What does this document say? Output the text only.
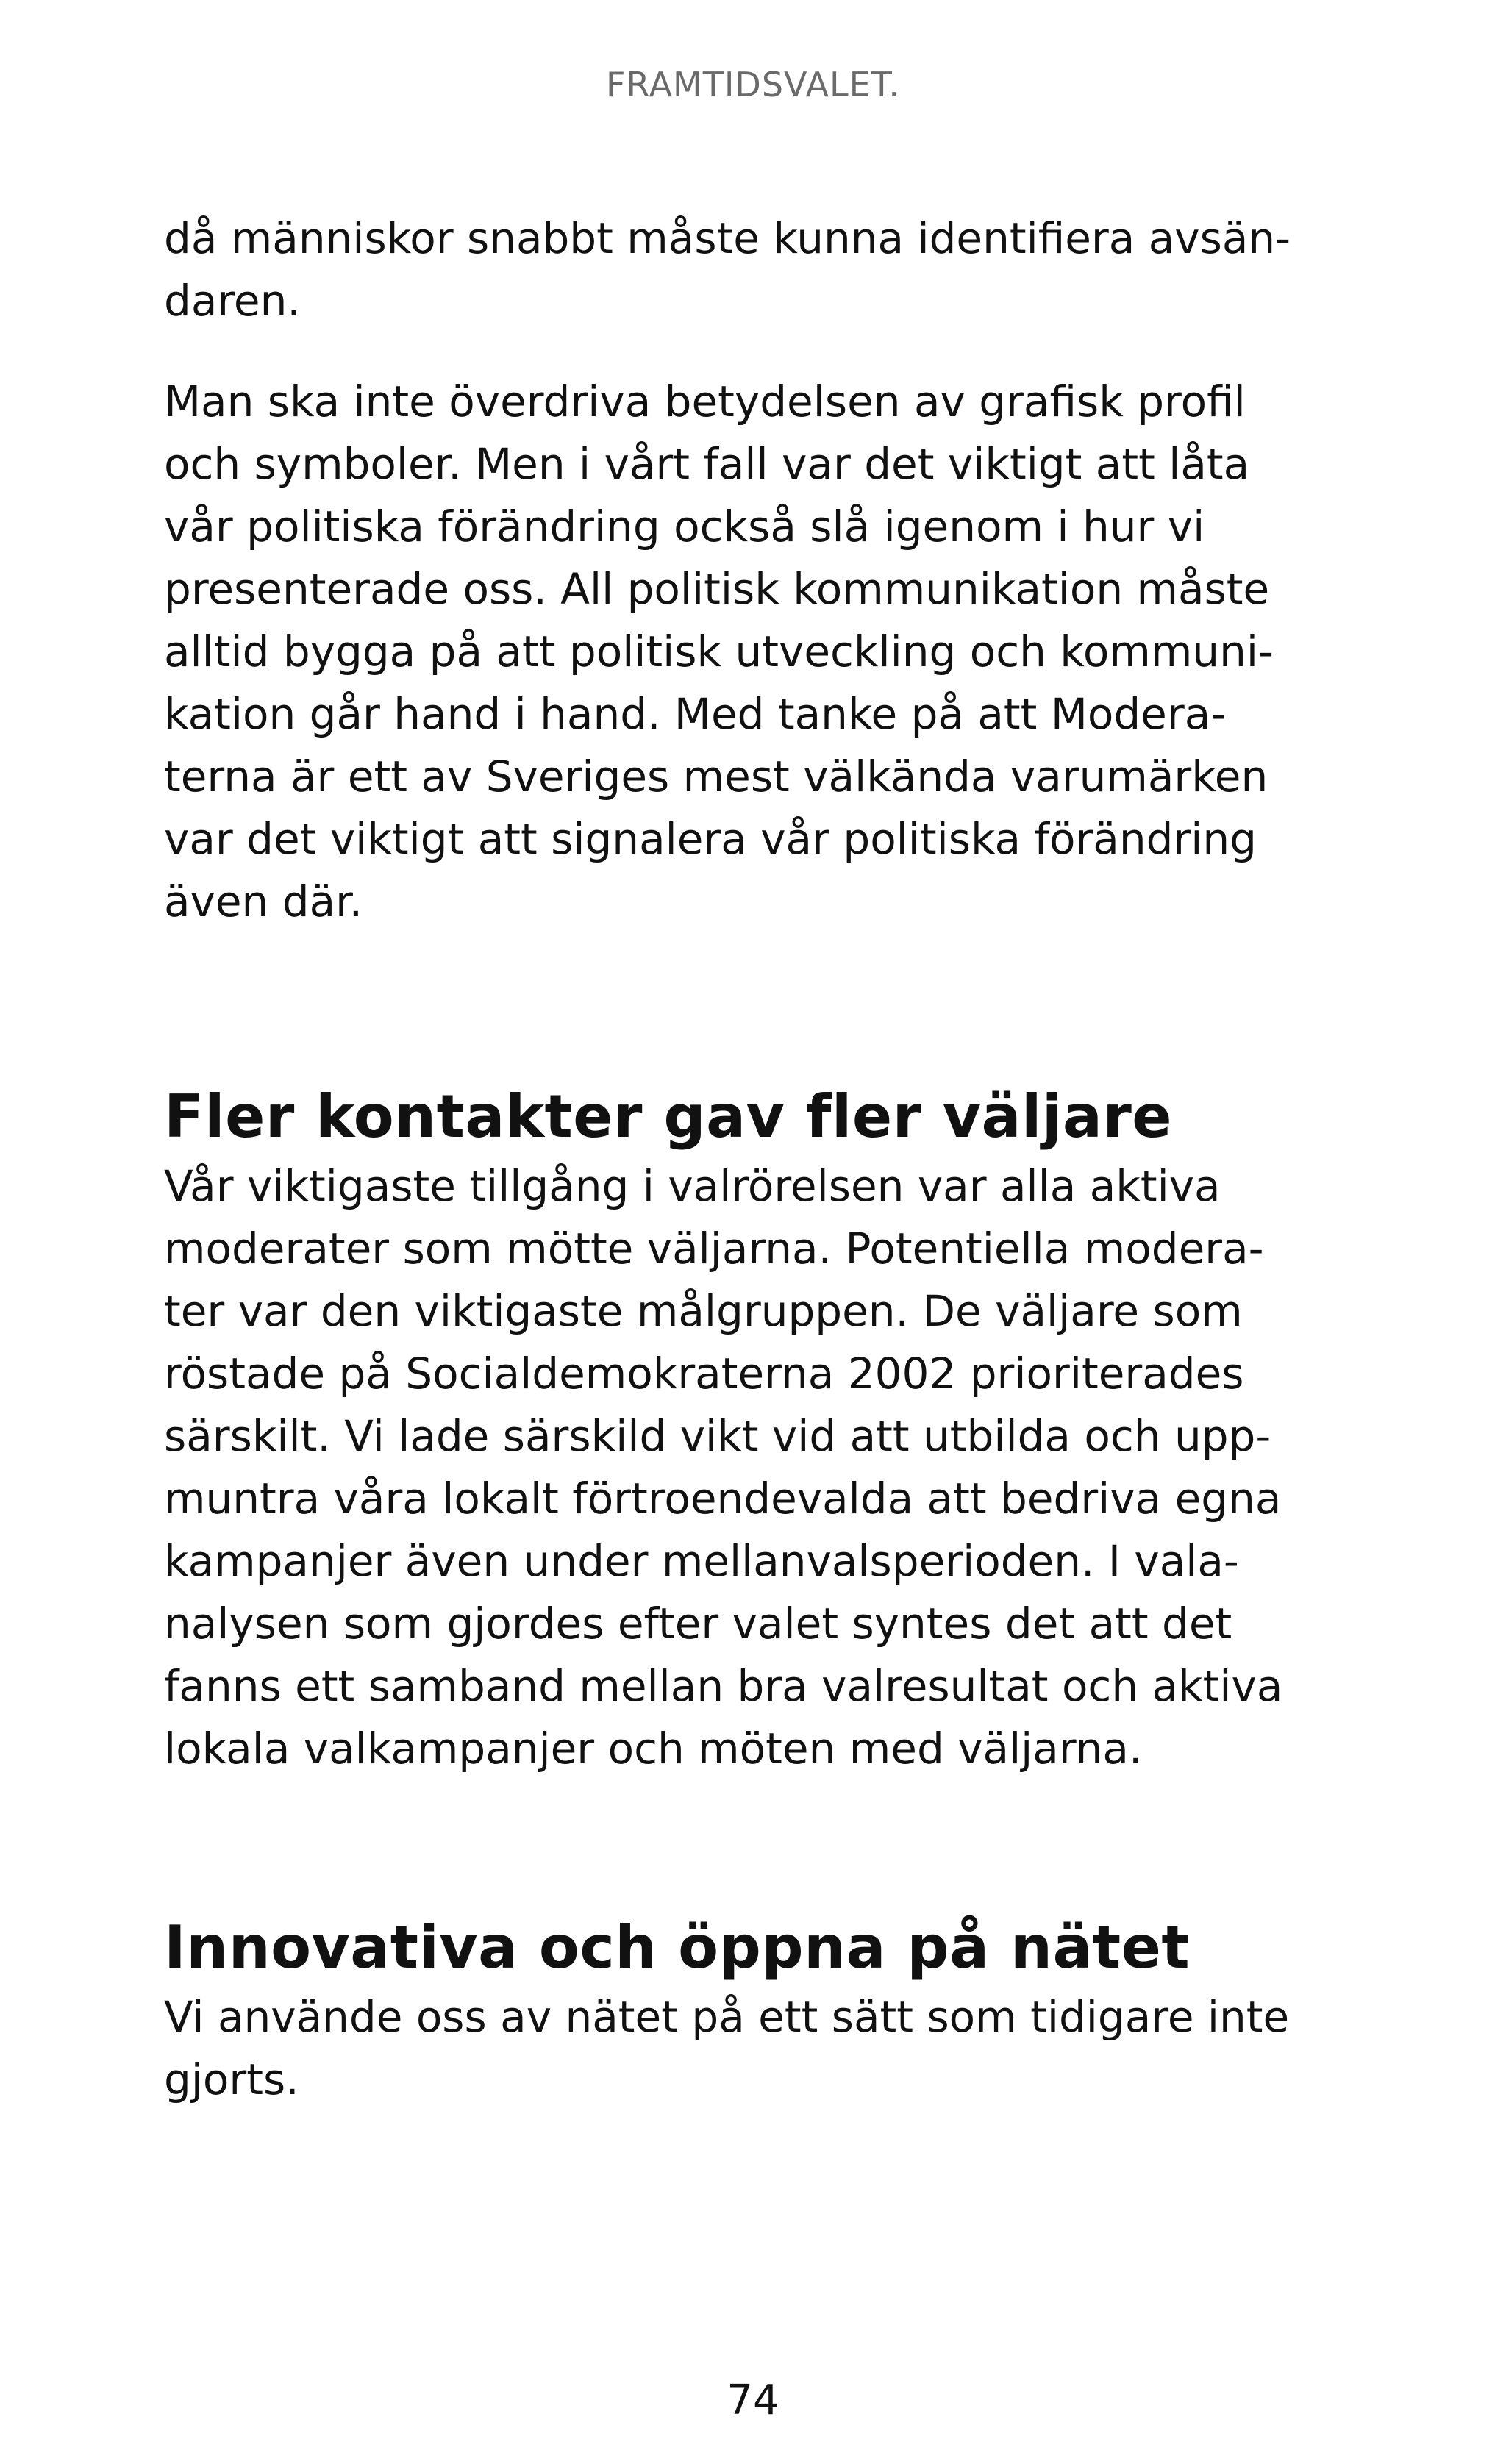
FRAMTIDSVALET.

då människor snabbt måste kunna identifiera avsän-
daren.

Man ska inte överdriva betydelsen av grafisk profil
och symboler. Men i vårt fall var det viktigt att låta
vår politiska förändring också slå igenom i hur vi
presenterade oss. All politisk kommunikation måste
alltid bygga på att politisk utveckling och kommuni-
kation går hand i hand. Med tanke på att Modera-
terna är ett av Sveriges mest välkända varumärken
var det viktigt att signalera vår politiska förändring
även där.

Fler kontakter gav fler väljare

Vår viktigaste tillgång i valrörelsen var alla aktiva
moderater som mötte väljarna. Potentiella modera-
ter var den viktigaste målgruppen. De väljare som
röstade på Socialdemokraterna 2002 prioriterades
särskilt. Vi lade särskild vikt vid att utbilda och upp-
muntra våra lokalt förtroendevalda att bedriva egna
kampanjer även under mellanvalsperioden. I vala-
nalysen som gjordes efter valet syntes det att det
fanns ett samband mellan bra valresultat och aktiva
lokala valkampanjer och möten med väljarna.

Innovativa och öppna på nätet

Vi använde oss av nätet på ett sätt som tidigare inte
gjorts.

74
